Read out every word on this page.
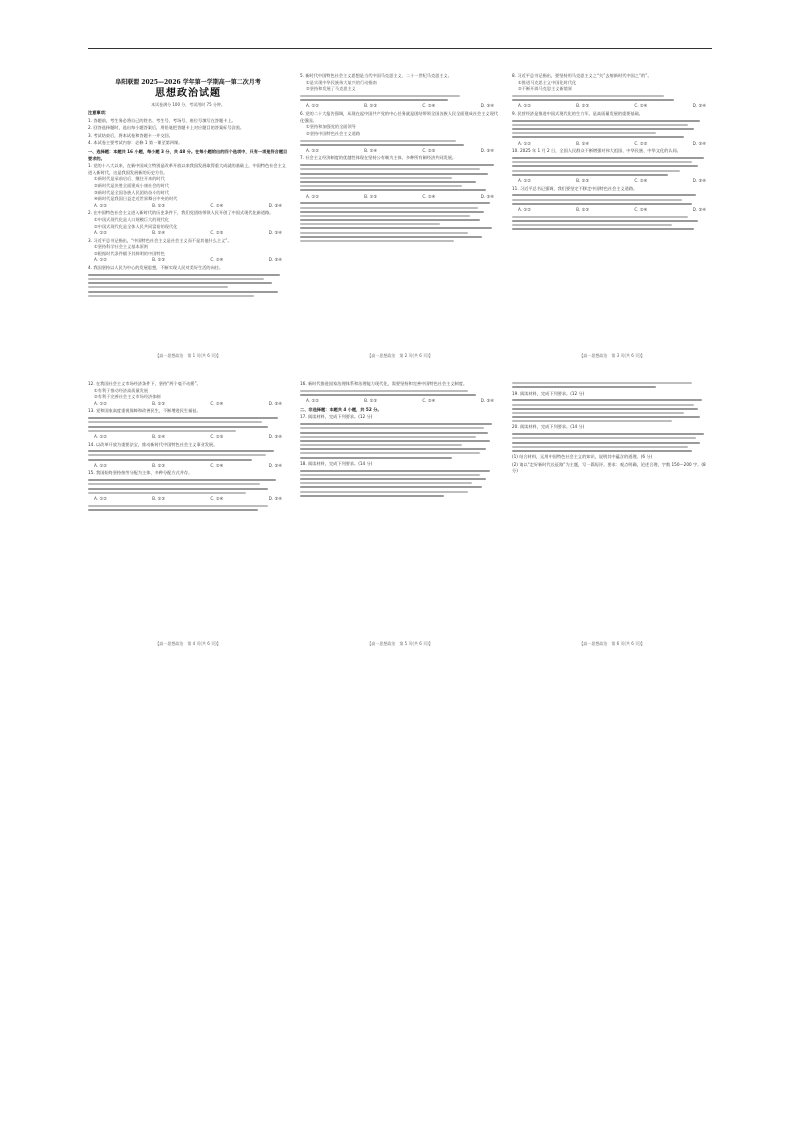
阜阳联盟 2025—2026 学年第一学期高一第二次月考
思想政治试题
本试卷满分 100 分，考试用时 75 分钟。
注意事项：
1. 答题前，考生务必将自己的姓名、考生号、考场号、座位号填写在答题卡上。
2. 回答选择题时，选出每小题答案后，用铅笔把答题卡上对应题目的答案标号涂黑。
3. 考试结束后，将本试卷和答题卡一并交回。
4. 本试卷主要考试内容：必修 1 第一课至第四课。
一、选择题：本题共 16 小题，每小题 3 分，共 48 分。在每小题给出的四个选项中，只有一项是符合题目要求的。
1. 党的十八大以来，在新中国成立特别是改革开放以来我国发展取得重大成就的基础上，中国特色社会主义进入新时代，这是我国发展新的历史方位。
①新时代是承前启后、继往开来的时代
②新时代是决胜全面建成小康社会的时代
③新时代是全国各族人民团结奋斗的时代
④新时代是我国日益走近世界舞台中央的时代
A. ①②	B. ①③	C. ②④	D. ③④
2. 在中国特色社会主义进入新时代的历史条件下，我们党团结带领人民开创了中国式现代化新道路。
①中国式现代化是人口规模巨大的现代化
②中国式现代化是全体人民共同富裕的现代化
A. ①②	B. ①④	C. ②③	D. ③④
3. 习近平总书记指出，“中国特色社会主义是社会主义而不是其他什么主义”。
①坚持科学社会主义基本原则
②根据时代条件赋予其鲜明的中国特色
A. ①②	B. ①③	C. ②④	D. ③④
4. 我国坚持以人民为中心的发展思想，不断实现人民对美好生活的向往。
【高一思想政治　第 1 页(共 6 页)】
5. 新时代中国特色社会主义思想是当代中国马克思主义、二十一世纪马克思主义。
①是实现中华民族伟大复兴的行动指南
②坚持和发展了马克思主义
A. ①②	B. ①③	C. ②④	D. ③④
6. 党的二十大报告强调，从现在起中国共产党的中心任务就是团结带领全国各族人民全面建成社会主义现代化强国。
①坚持和加强党的全面领导
②坚持中国特色社会主义道路
A. ①②	B. ①④	C. ②③	D. ③④
7. 社会主义经济制度的优越性体现在坚持公有制为主体、多种所有制经济共同发展。
A. ①②	B. ①③	C. ②④	D. ③④
【高一思想政治　第 2 页(共 6 页)】
8. 习近平总书记指出，要坚持用马克思主义之“矢”去射新时代中国之“的”。
①推进马克思主义中国化时代化
②不断开辟马克思主义新境界
A. ①②	B. ①③	C. ②④	D. ③④
9. 民营经济是推进中国式现代化的生力军，是高质量发展的重要基础。
A. ①②	B. ①④	C. ②③	D. ③④
10. 2025 年 1 月 2 日，全国人民群众不断增强对伟大祖国、中华民族、中华文化的认同。
A. ①②	B. ①③	C. ②④	D. ③④
11. 习近平总书记强调，我们要坚定不移走中国特色社会主义道路。
A. ①②	B. ①③	C. ②④	D. ③④
【高一思想政治　第 3 页(共 6 页)】
12. 在我国社会主义市场经济条件下，坚持“两个毫不动摇”。
①有利于推动经济高质量发展
②有利于完善社会主义市场经济体制
A. ①②	B. ①③	C. ②④	D. ③④
13. 党和国家高度重视保障和改善民生，不断增进民生福祉。
A. ①②	B. ①④	C. ②③	D. ③④
14. 以改革开放为重要法宝，推动新时代中国特色社会主义事业发展。
A. ①②	B. ①③	C. ②④	D. ③④
15. 我国始终坚持按劳分配为主体、多种分配方式并存。
A. ①②	B. ①③	C. ②④	D. ③④
【高一思想政治　第 4 页(共 6 页)】
16. 新时代推进国家治理体系和治理能力现代化，需要坚持和完善中国特色社会主义制度。
A. ①②	B. ①③	C. ②④	D. ③④
二、非选择题：本题共 4 小题，共 52 分。
17. 阅读材料，完成下列要求。(12 分)
18. 阅读材料，完成下列要求。(14 分)
【高一思想政治　第 5 页(共 6 页)】
19. 阅读材料，完成下列要求。(12 分)
20. 阅读材料，完成下列要求。(14 分)
(1) 结合材料，运用中国特色社会主义的知识，说明其中蕴含的道理。(6 分)
(2) 请以“走好新时代长征路”为主题，写一篇短评。要求：观点明确，论述合理，字数 150～200 字。(8 分)
【高一思想政治　第 6 页(共 6 页)】
